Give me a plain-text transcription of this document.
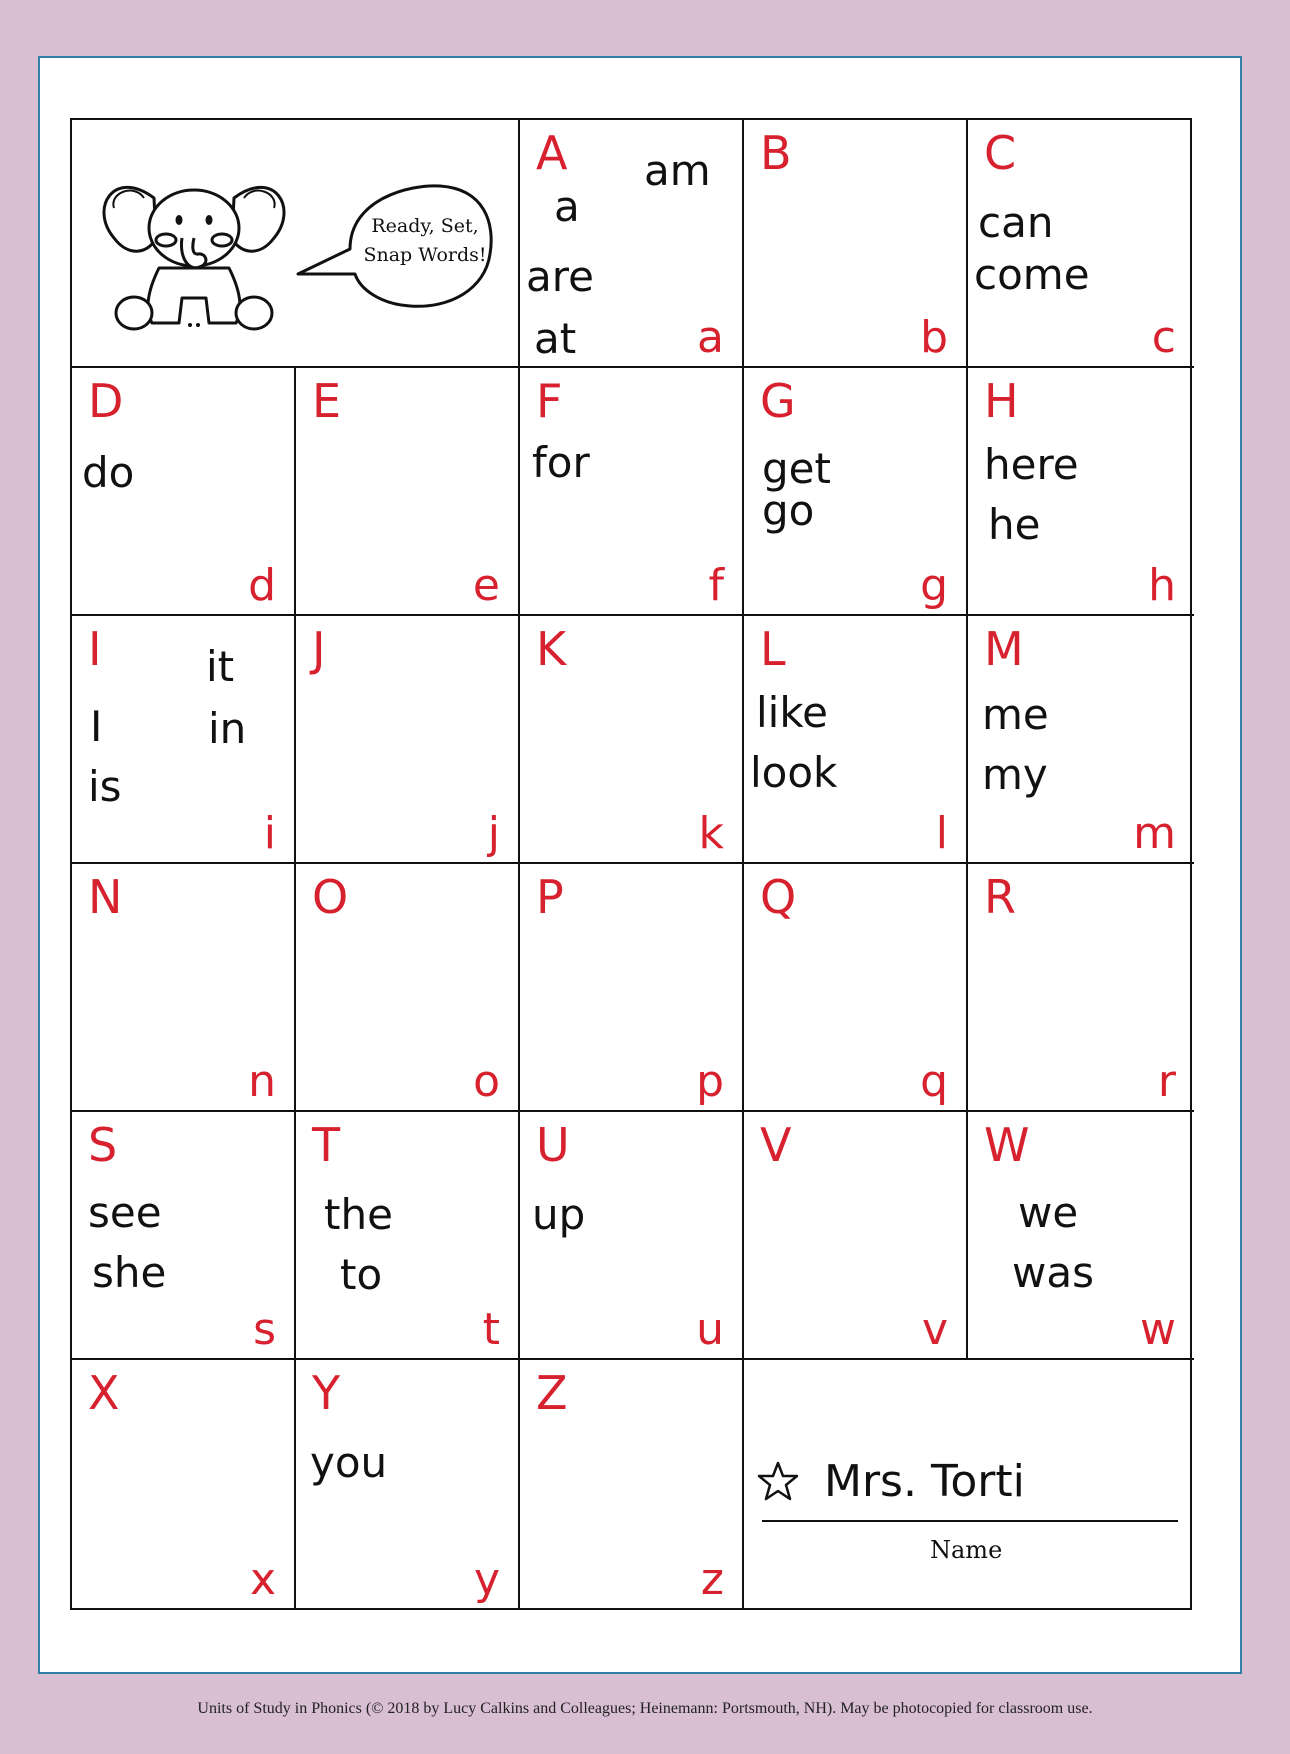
Ready, Set,
Snap Words!
A am
a
are
at	a
B
b
C
can
come
c
D
do
d
E
e
F
for
f
G
get
go
g
H
here
he
h
I it
I	in
is
i
J
j
K
k
L
like
look
l
M
me
my
m
N
n
O
o
P
p
Q
q
R
r
S
see
she
s
T
the
to
t
U
up
u
V
v
W
we
was
w
X
x
Y
you
y
Z
z
Mrs. Torti
Name
Units of Study in Phonics (© 2018 by Lucy Calkins and Colleagues; Heinemann: Portsmouth, NH). May be photocopied for classroom use.
